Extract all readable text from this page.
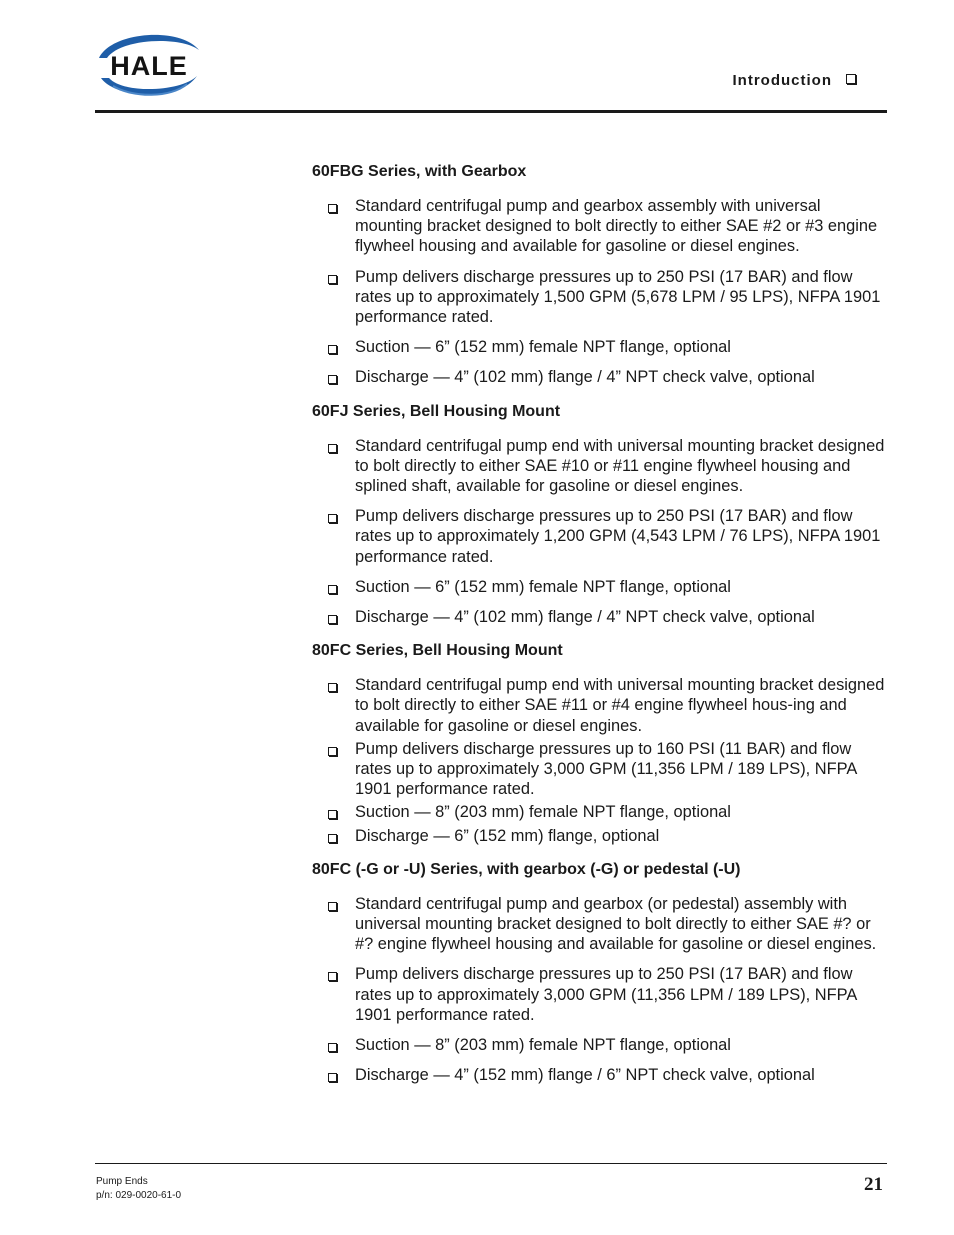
HALE	Introduction
60FBG Series, with Gearbox
Standard centrifugal pump and gearbox assembly with universal mounting bracket designed to bolt directly to either SAE #2 or #3 engine flywheel housing and available for gasoline or diesel engines.
Pump delivers discharge pressures up to 250 PSI (17 BAR) and flow rates up to approximately 1,500 GPM (5,678 LPM / 95 LPS), NFPA 1901 performance rated.
Suction — 6” (152 mm) female NPT flange, optional
Discharge — 4” (102 mm) flange / 4” NPT check valve, optional
60FJ Series, Bell Housing Mount
Standard centrifugal pump end with universal mounting bracket designed to bolt directly to either SAE #10 or #11 engine flywheel housing and splined shaft, available for gasoline or diesel engines.
Pump delivers discharge pressures up to 250 PSI (17 BAR) and flow rates up to approximately 1,200 GPM (4,543 LPM / 76 LPS), NFPA 1901 performance rated.
Suction — 6” (152 mm) female NPT flange, optional
Discharge — 4” (102 mm) flange / 4” NPT check valve, optional
80FC Series, Bell Housing Mount
Standard centrifugal pump end with universal mounting bracket designed to bolt directly to either SAE #11 or #4 engine flywheel hous-ing and available for gasoline or diesel engines.
Pump delivers discharge pressures up to 160 PSI (11 BAR) and flow rates up to approximately 3,000 GPM (11,356 LPM / 189 LPS), NFPA 1901 performance rated.
Suction — 8” (203 mm) female NPT flange, optional
Discharge — 6” (152 mm) flange, optional
80FC (-G or -U) Series, with gearbox (-G) or pedestal (-U)
Standard centrifugal pump and gearbox (or pedestal) assembly with universal mounting bracket designed to bolt directly to either SAE #? or #? engine flywheel housing and available for gasoline or diesel engines.
Pump delivers discharge pressures up to 250 PSI (17 BAR) and flow rates up to approximately 3,000 GPM (11,356 LPM / 189 LPS), NFPA 1901 performance rated.
Suction — 8” (203 mm) female NPT flange, optional
Discharge — 4” (152 mm) flange / 6” NPT check valve, optional
Pump Ends
p/n: 029-0020-61-0
21
